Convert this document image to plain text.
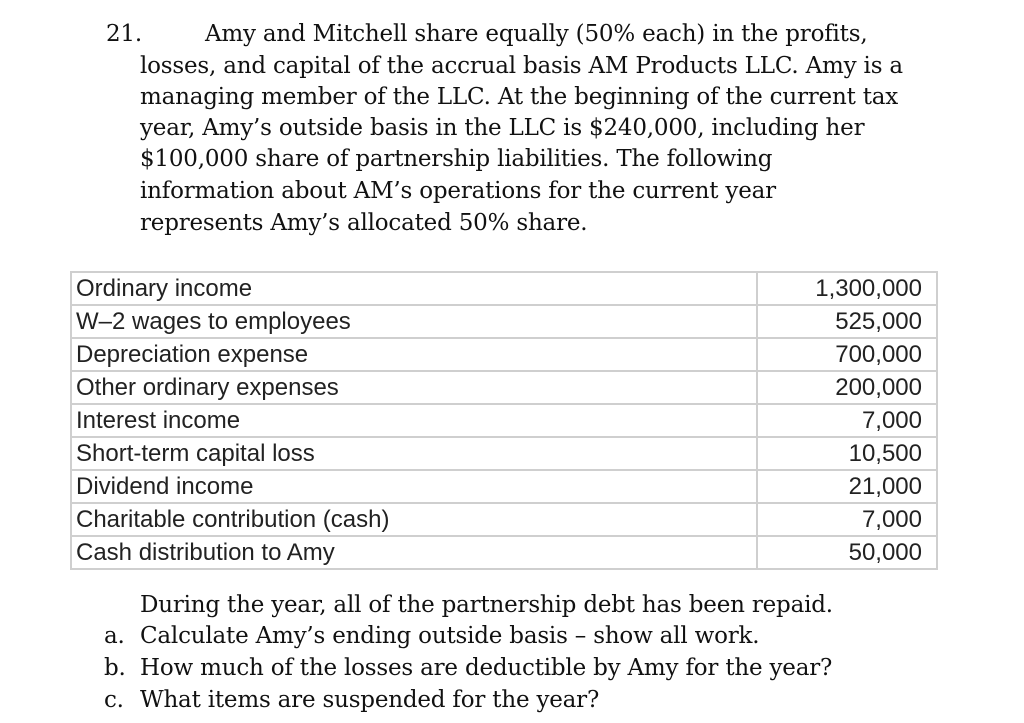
21.	Amy and Mitchell share equally (50% each) in the profits,
losses, and capital of the accrual basis AM Products LLC. Amy is a
managing member of the LLC. At the beginning of the current tax
year, Amy’s outside basis in the LLC is $240,000, including her
$100,000 share of partnership liabilities. The following
information about AM’s operations for the current year
represents Amy’s allocated 50% share.
Ordinary income	1,300,000
W–2 wages to employees	525,000
Depreciation expense	700,000
Other ordinary expenses	200,000
Interest income	7,000
Short-term capital loss	10,500
Dividend income	21,000
Charitable contribution (cash)	7,000
Cash distribution to Amy	50,000
During the year, all of the partnership debt has been repaid.
a. Calculate Amy’s ending outside basis – show all work.
b. How much of the losses are deductible by Amy for the year?
c. What items are suspended for the year?
